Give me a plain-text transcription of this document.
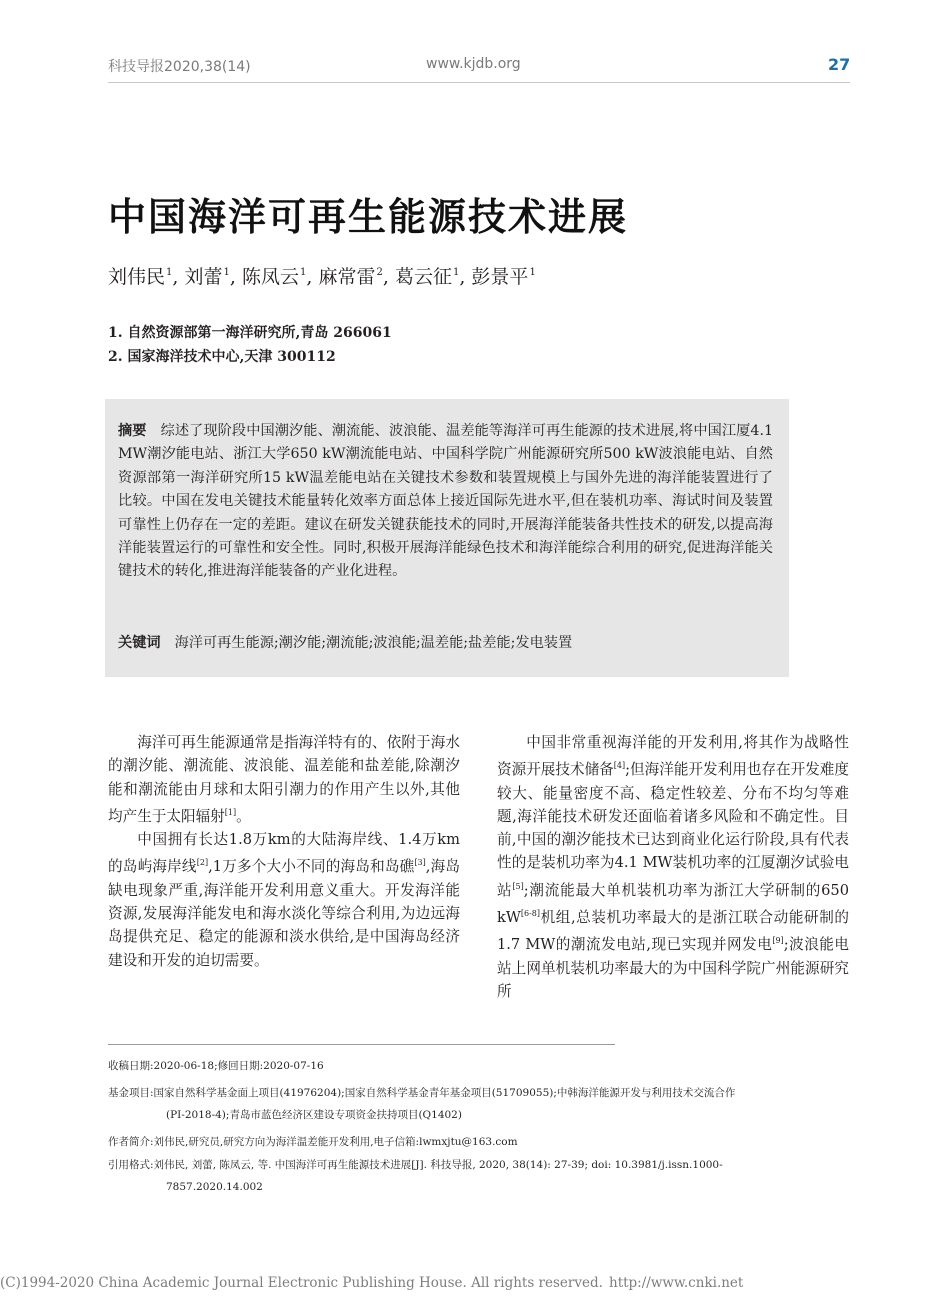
科技导报2020,38(14)	www.kjdb.org	27
中国海洋可再生能源技术进展
刘伟民$^1$, 刘蕾$^1$, 陈凤云$^1$, 麻常雷$^2$, 葛云征$^1$, 彭景平$^1$
1. 自然资源部第一海洋研究所,青岛 266061
2. 国家海洋技术中心,天津 300112
摘要 综述了现阶段中国潮汐能、潮流能、波浪能、温差能等海洋可再生能源的技术进展,将中国江厦4.1 MW潮汐能电站、浙江大学650 kW潮流能电站、中国科学院广州能源研究所500 kW波浪能电站、自然资源部第一海洋研究所15 kW温差能电站在关键技术参数和装置规模上与国外先进的海洋能装置进行了比较。中国在发电关键技术能量转化效率方面总体上接近国际先进水平,但在装机功率、海试时间及装置可靠性上仍存在一定的差距。建议在研发关键获能技术的同时,开展海洋能装备共性技术的研发,以提高海洋能装置运行的可靠性和安全性。同时,积极开展海洋能绿色技术和海洋能综合利用的研究,促进海洋能关键技术的转化,推进海洋能装备的产业化进程。
关键词 海洋可再生能源;潮汐能;潮流能;波浪能;温差能;盐差能;发电装置

海洋可再生能源通常是指海洋特有的、依附于海水的潮汐能、潮流能、波浪能、温差能和盐差能,除潮汐能和潮流能由月球和太阳引潮力的作用产生以外,其他均产生于太阳辐射[1]。

中国拥有长达1.8万km的大陆海岸线、1.4万km的岛屿海岸线[2],1万多个大小不同的海岛和岛礁[3],海岛缺电现象严重,海洋能开发利用意义重大。开发海洋能资源,发展海洋能发电和海水淡化等综合利用,为边远海岛提供充足、稳定的能源和淡水供给,是中国海岛经济建设和开发的迫切需要。

中国非常重视海洋能的开发利用,将其作为战略性资源开展技术储备[4];但海洋能开发利用也存在开发难度较大、能量密度不高、稳定性较差、分布不均匀等难题,海洋能技术研发还面临着诸多风险和不确定性。目前,中国的潮汐能技术已达到商业化运行阶段,具有代表性的是装机功率为4.1 MW装机功率的江厦潮汐试验电站[5];潮流能最大单机装机功率为浙江大学研制的650 kW[6-8]机组,总装机功率最大的是浙江联合动能研制的1.7 MW的潮流发电站,现已实现并网发电[9];波浪能电站上网单机装机功率最大的为中国科学院广州能源研究所

收稿日期:2020-06-18;修回日期:2020-07-16
基金项目:国家自然科学基金面上项目(41976204);国家自然科学基金青年基金项目(51709055);中韩海洋能源开发与利用技术交流合作
(PI-2018-4);青岛市蓝色经济区建设专项资金扶持项目(Q1402)
作者简介:刘伟民,研究员,研究方向为海洋温差能开发利用,电子信箱:lwmxjtu@163.com
引用格式:刘伟民, 刘蕾, 陈凤云, 等. 中国海洋可再生能源技术进展[J]. 科技导报, 2020, 38(14): 27-39; doi: 10.3981/j.issn.1000-
7857.2020.14.002
(C)1994-2020 China Academic Journal Electronic Publishing House. All rights reserved. http://www.cnki.net
